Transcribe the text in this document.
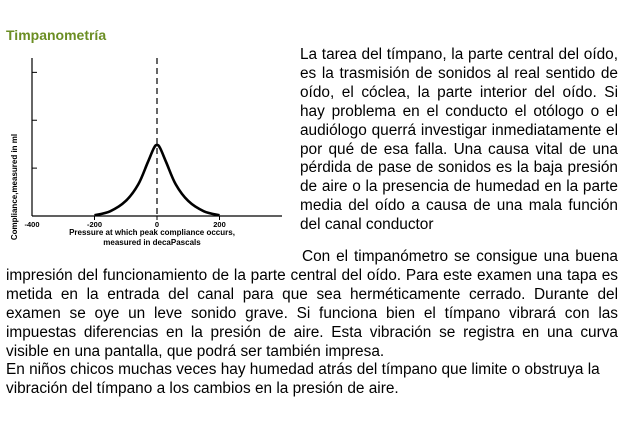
Timpanometría
-400	-200	0	200
Compliance,measured in ml	Pressure at which peak compliance occurs,
measured in decaPascals

La tarea del tímpano, la parte central del oído, es la trasmisión de sonidos al real sentido de oído, el cóclea, la parte interior del oído. Si hay problema en el conducto el otólogo o el audiólogo querrá investigar inmediatamente el por qué de esa falla. Una causa vital de una pérdida de pase de sonidos es la baja presión de aire o la presencia de humedad en la parte media del oído a causa de una mala función del canal conductor

Con el timpanómetro se consigue una buena impresión del funcionamiento de la parte central del oído. Para este examen una tapa es metida en la entrada del canal para que sea herméticamente cerrado. Durante del examen se oye un leve sonido grave. Si funciona bien el tímpano vibrará con las impuestas diferencias en la presión de aire. Esta vibración se registra en una curva visible en una pantalla, que podrá ser también impresa.

En niños chicos muchas veces hay humedad atrás del tímpano que limite o obstruya la vibración del tímpano a los cambios en la presión de aire.
